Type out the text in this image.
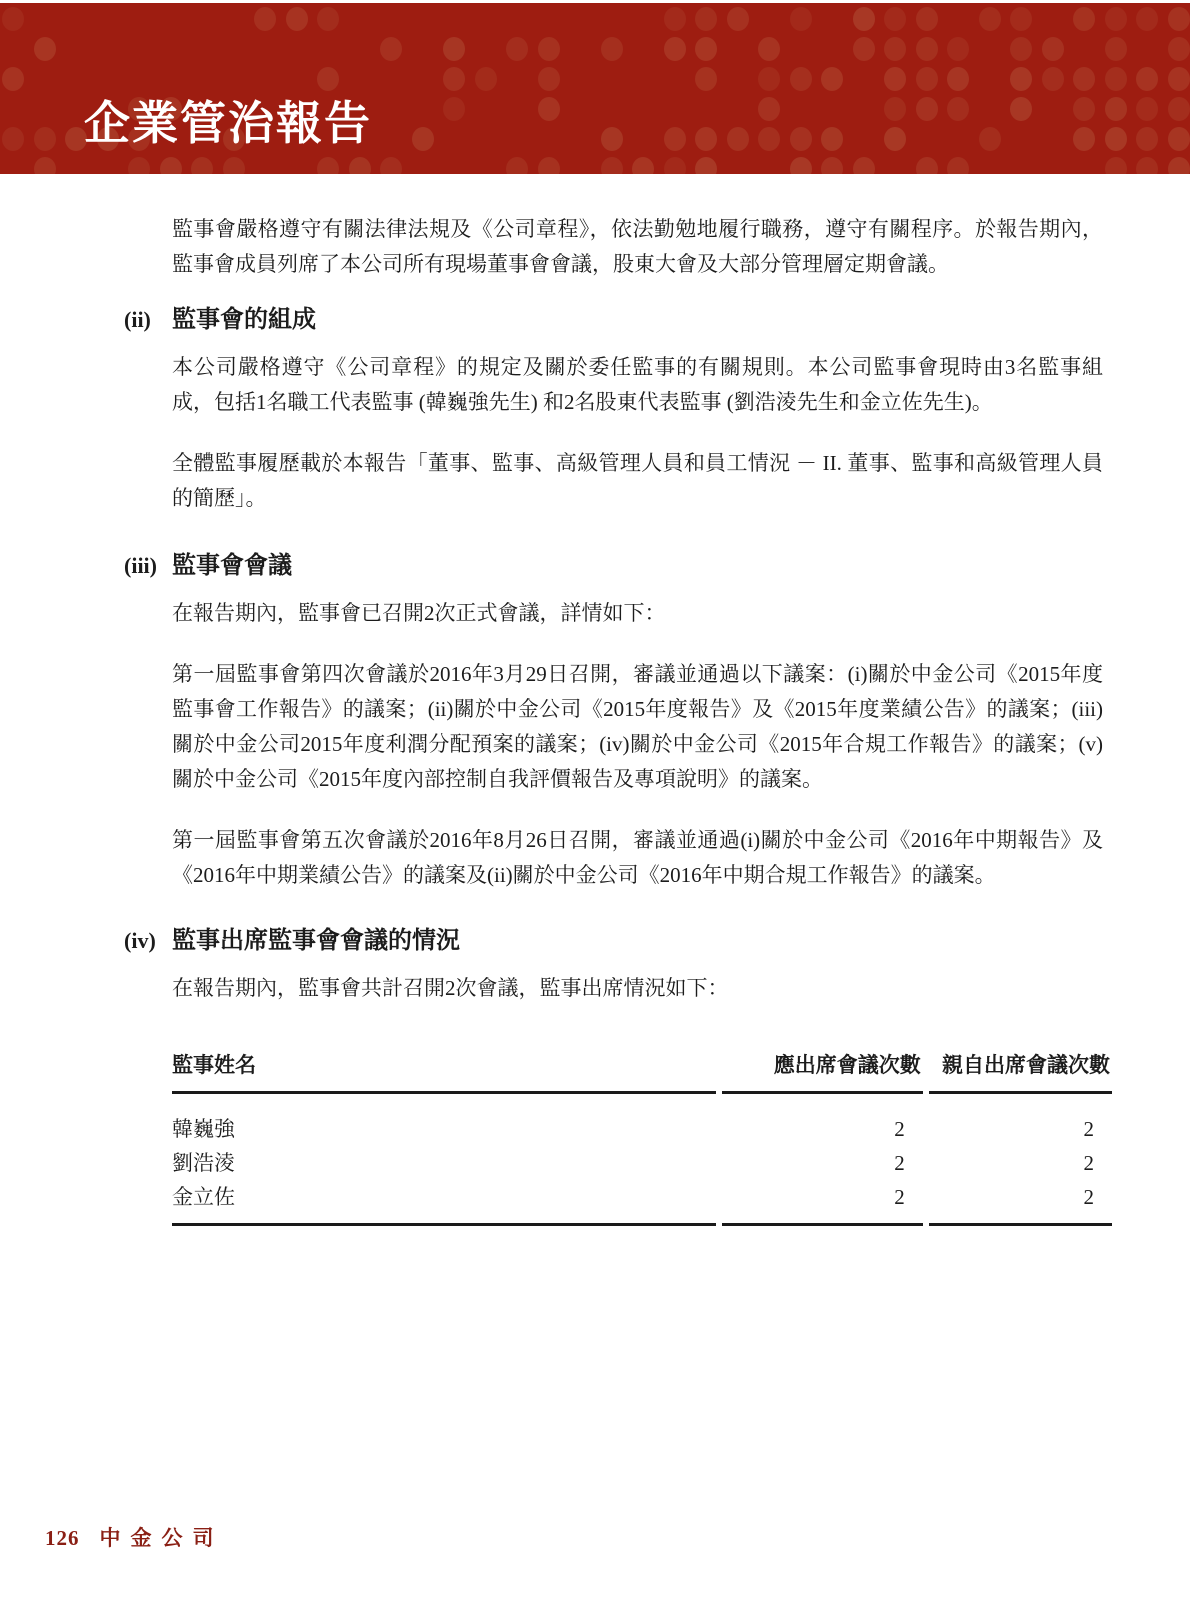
企業管治報告

監事會嚴格遵守有關法律法規及《公司章程》，依法勤勉地履行職務，遵守有關程序。於報告期內，監事會成員列席了本公司所有現場董事會會議，股東大會及大部分管理層定期會議。

(ii) 監事會的組成

本公司嚴格遵守《公司章程》的規定及關於委任監事的有關規則。本公司監事會現時由3名監事組成，包括1名職工代表監事 (韓巍強先生) 和2名股東代表監事 (劉浩淩先生和金立佐先生)。

全體監事履歷載於本報告「董事、監事、高級管理人員和員工情況 － II. 董事、監事和高級管理人員的簡歷」。

(iii) 監事會會議

在報告期內，監事會已召開2次正式會議，詳情如下：

第一屆監事會第四次會議於2016年3月29日召開，審議並通過以下議案：(i)關於中金公司《2015年度監事會工作報告》的議案；(ii)關於中金公司《2015年度報告》及《2015年度業績公告》的議案；(iii)關於中金公司2015年度利潤分配預案的議案；(iv)關於中金公司《2015年合規工作報告》的議案；(v)關於中金公司《2015年度內部控制自我評價報告及專項說明》的議案。

第一屆監事會第五次會議於2016年8月26日召開，審議並通過(i)關於中金公司《2016年中期報告》及《2016年中期業績公告》的議案及(ii)關於中金公司《2016年中期合規工作報告》的議案。

(iv) 監事出席監事會會議的情況

在報告期內，監事會共計召開2次會議，監事出席情況如下：

監事姓名	應出席會議次數	親自出席會議次數
韓巍強	2	2
劉浩淩	2	2
金立佐	2	2
126 中金公司
